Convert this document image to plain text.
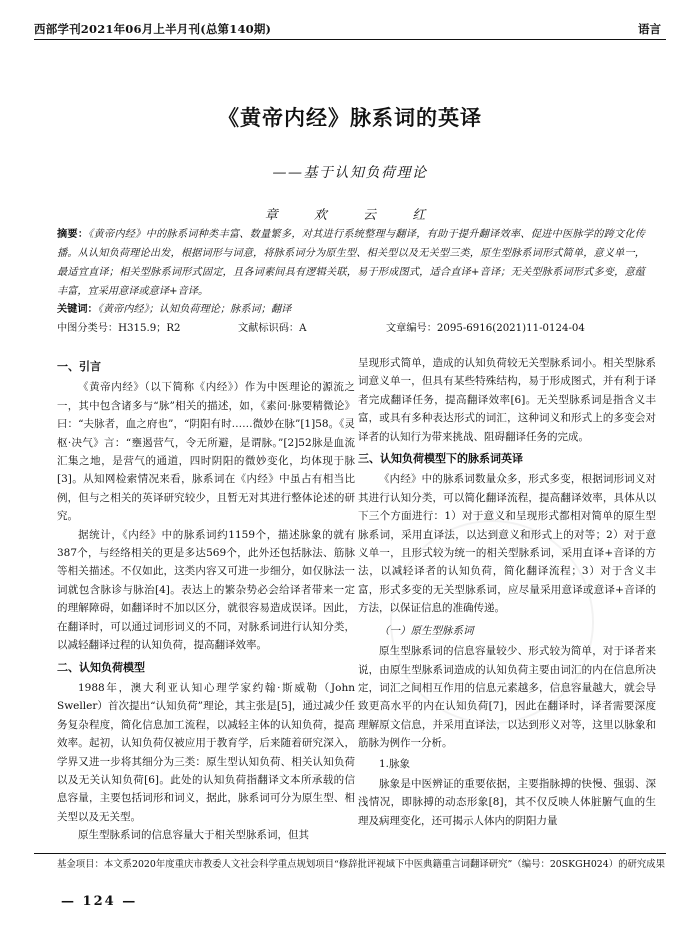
西部学刊2021年06月上半月刊(总第140期)	语言
《黄帝内经》脉系词的英译
——基于认知负荷理论
章 欢 云 红
摘要：《黄帝内经》中的脉系词种类丰富、数量繁多，对其进行系统整理与翻译，有助于提升翻译效率、促进中医脉学的跨文化传播。从认知负荷理论出发，根据词形与词意，将脉系词分为原生型、相关型以及无关型三类，原生型脉系词形式简单，意义单一，最适宜直译；相关型脉系词形式固定，且各词素间具有逻辑关联，易于形成图式，适合直译+音译；无关型脉系词形式多变，意蕴丰富，宜采用意译或意译+音译。
关键词：《黄帝内经》；认知负荷理论；脉系词；翻译
中图分类号：H315.9；R2	文献标识码：A	文章编号：2095-6916(2021)11-0124-04
一、引言

《黄帝内经》（以下简称《内经》）作为中医理论的源流之一，其中包含诸多与“脉”相关的描述，如，《素问·脉要精微论》曰：“夫脉者，血之府也”，“阴阳有时……微妙在脉”[1]58。《灵枢·决气》言：“壅遏营气，令无所避，是谓脉。”[2]52脉是血流汇集之地，是营气的通道，四时阴阳的微妙变化，均体现于脉[3]。从知网检索情况来看，脉系词在《内经》中虽占有相当比例，但与之相关的英译研究较少，且暂无对其进行整体论述的研究。

据统计，《内经》中的脉系词约1159个，描述脉象的就有387个，与经络相关的更是多达569个，此外还包括脉法、筋脉等相关描述。不仅如此，这类内容又可进一步细分，如仅脉法一词就包含脉诊与脉治[4]。表达上的繁杂势必会给译者带来一定的理解障碍，如翻译时不加以区分，就很容易造成误译。因此，在翻译时，可以通过词形词义的不同，对脉系词进行认知分类，以减轻翻译过程的认知负荷，提高翻译效率。

二、认知负荷模型

1988年，澳大利亚认知心理学家约翰·斯威勒（John Sweller）首次提出“认知负荷”理论，其主张是[5]，通过减少任务复杂程度，简化信息加工流程，以减轻主体的认知负荷，提高效率。起初，认知负荷仅被应用于教育学，后来随着研究深入，学界又进一步将其细分为三类：原生型认知负荷、相关认知负荷以及无关认知负荷[6]。此处的认知负荷指翻译文本所承载的信息容量，主要包括词形和词义，据此，脉系词可分为原生型、相关型以及无关型。

原生型脉系词的信息容量大于相关型脉系词，但其

呈现形式简单，造成的认知负荷较无关型脉系词小。相关型脉系词意义单一，但具有某些特殊结构，易于形成图式，并有利于译者完成翻译任务，提高翻译效率[6]。无关型脉系词是指含义丰富，或具有多种表达形式的词汇，这种词义和形式上的多变会对译者的认知行为带来挑战、阻碍翻译任务的完成。

三、认知负荷模型下的脉系词英译

《内经》中的脉系词数量众多，形式多变，根据词形词义对其进行认知分类，可以简化翻译流程，提高翻译效率，具体从以下三个方面进行：1）对于意义和呈现形式都相对简单的原生型脉系词，采用直译法，以达到意义和形式上的对等；2）对于意义单一，且形式较为统一的相关型脉系词，采用直译+音译的方法，以减轻译者的认知负荷，简化翻译流程；3）对于含义丰富，形式多变的无关型脉系词，应尽量采用意译或意译+音译的方法，以保证信息的准确传递。

（一）原生型脉系词

原生型脉系词的信息容量较少、形式较为简单，对于译者来说，由原生型脉系词造成的认知负荷主要由词汇的内在信息所决定，词汇之间相互作用的信息元素越多，信息容量越大，就会导致更高水平的内在认知负荷[7]，因此在翻译时，译者需要深度理解原文信息，并采用直译法，以达到形义对等，这里以脉象和筋脉为例作一分析。

1.脉象

脉象是中医辨证的重要依据，主要指脉搏的快慢、强弱、深浅情况，即脉搏的动态形象[8]，其不仅反映人体脏腑气血的生理及病理变化，还可揭示人体内的阴阳力量

基金项目：本文系2020年度重庆市教委人文社会科学重点规划项目“修辞批评视域下中医典籍重言词翻译研究”（编号：20SKGH024）的研究成果
— 124 —
